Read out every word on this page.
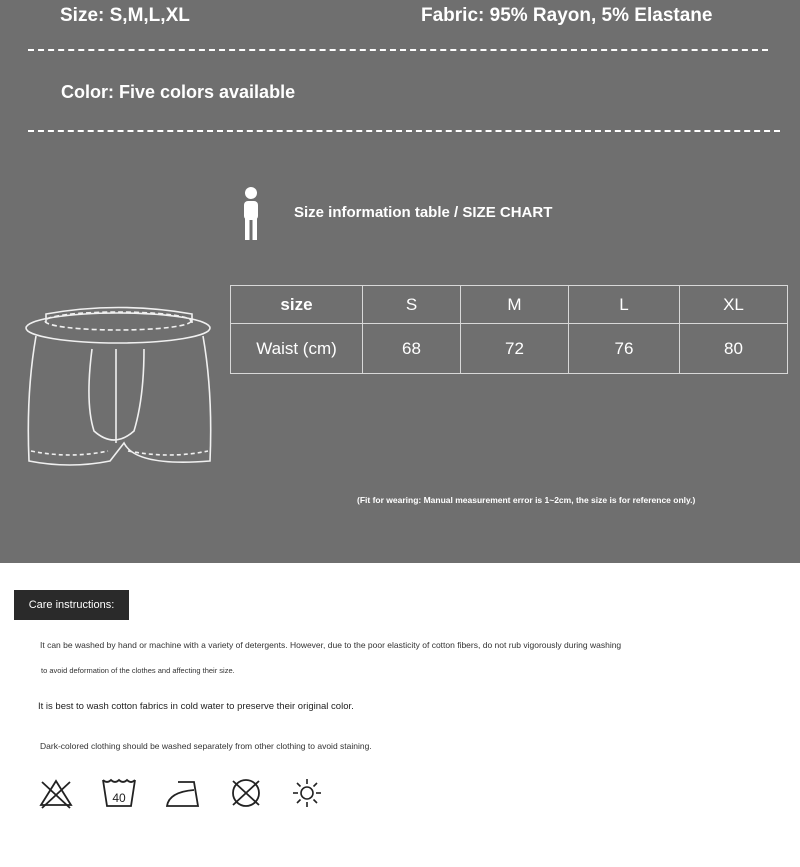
Size: S,M,L,XL	Fabric: 95% Rayon, 5% Elastane
Color: Five colors available
Size information table / SIZE CHART
size	S	M	L	XL
Waist (cm)	68	72	76	80
(Fit for wearing: Manual measurement error is 1~2cm, the size is for reference only.)
Care instructions:
It can be washed by hand or machine with a variety of detergents. However, due to the poor elasticity of cotton fibers, do not rub vigorously during washing
to avoid deformation of the clothes and affecting their size.
It is best to wash cotton fabrics in cold water to preserve their original color.
Dark-colored clothing should be washed separately from other clothing to avoid staining.
40
